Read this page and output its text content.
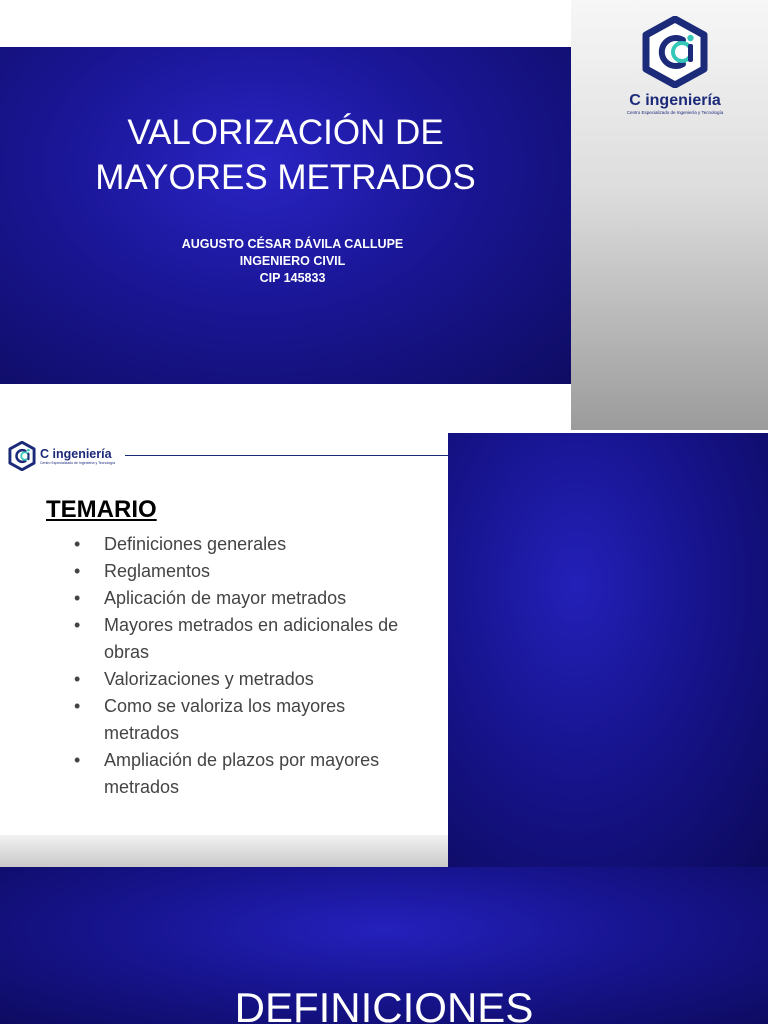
VALORIZACIÓN DE
MAYORES METRADOS
AUGUSTO CÉSAR DÁVILA CALLUPE
INGENIERO CIVIL
CIP 145833
C ingeniería
Centro Especializado de Ingeniería y Tecnología
C ingeniería
Centro Especializado de Ingeniería y Tecnología
TEMARIO
• Definiciones generales
• Reglamentos
• Aplicación de mayor metrados
• Mayores metrados en adicionales de obras
• Valorizaciones y metrados
• Como se valoriza los mayores metrados
• Ampliación de plazos por mayores metrados
DEFINICIONES
